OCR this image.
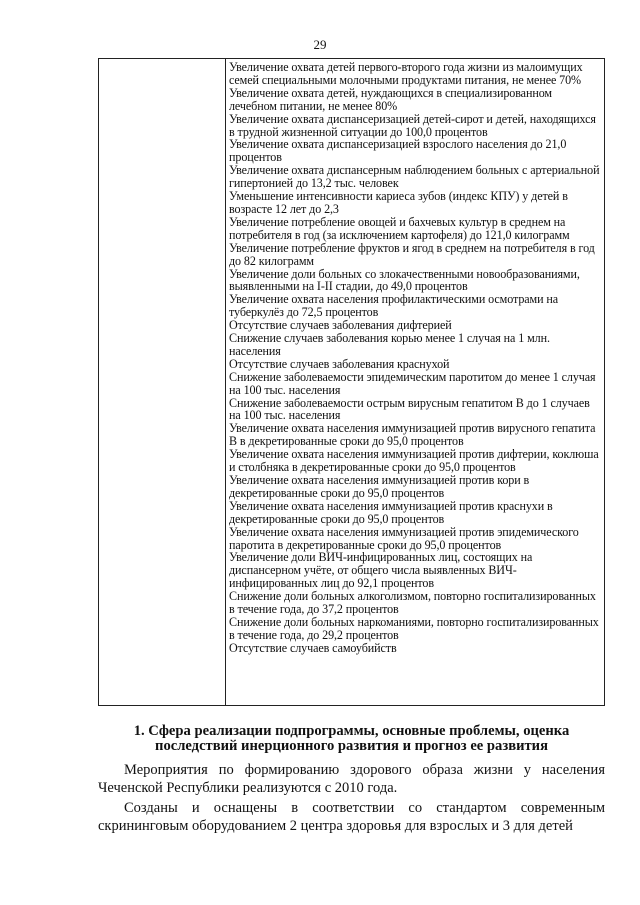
29

Увеличение охвата детей первого-второго года жизни из малоимущих семей специальными молочными продуктами питания, не менее 70%

Увеличение охвата детей, нуждающихся в специализированном лечебном питании, не менее 80%

Увеличение охвата диспансеризацией детей-сирот и детей, находящихся в трудной жизненной ситуации до 100,0 процентов

Увеличение охвата диспансеризацией взрослого населения до 21,0 процентов

Увеличение охвата диспансерным наблюдением больных с артериальной гипертонией до 13,2 тыс. человек

Уменьшение интенсивности кариеса зубов (индекс КПУ) у детей в возрасте 12 лет до 2,3

Увеличение потребление овощей и бахчевых культур в среднем на потребителя в год (за исключением картофеля) до 121,0 килограмм

Увеличение потребление фруктов и ягод в среднем на потребителя в год до 82 килограмм

Увеличение доли больных со злокачественными новообразованиями, выявленными на I-II стадии, до 49,0 процентов

Увеличение охвата населения профилактическими осмотрами на туберкулёз до 72,5 процентов

Отсутствие случаев заболевания дифтерией

Снижение случаев заболевания корью менее 1 случая на 1 млн. населения

Отсутствие случаев заболевания краснухой

Снижение заболеваемости эпидемическим паротитом до менее 1 случая на 100 тыс. населения

Снижение заболеваемости острым вирусным гепатитом В до 1 случаев на 100 тыс. населения

Увеличение охвата населения иммунизацией против вирусного гепатита В в декретированные сроки до 95,0 процентов

Увеличение охвата населения иммунизацией против дифтерии, коклюша и столбняка в декретированные сроки до 95,0 процентов

Увеличение охвата населения иммунизацией против кори в декретированные сроки до 95,0 процентов

Увеличение охвата населения иммунизацией против краснухи в декретированные сроки до 95,0 процентов

Увеличение охвата населения иммунизацией против эпидемического паротита в декретированные сроки до 95,0 процентов

Увеличение доли ВИЧ-инфицированных лиц, состоящих на диспансерном учёте, от общего числа выявленных ВИЧ-инфицированных лиц до 92,1 процентов

Снижение доли больных алкоголизмом, повторно госпитализированных в течение года, до 37,2 процентов

Снижение доли больных наркоманиями, повторно госпитализированных в течение года, до 29,2 процентов

Отсутствие случаев самоубийств

1. Сфера реализации подпрограммы, основные проблемы, оценка последствий инерционного развития и прогноз ее развития

Мероприятия по формированию здорового образа жизни у населения Чеченской Республики реализуются с 2010 года.

Созданы и оснащены в соответствии со стандартом современным скрининговым оборудованием 2 центра здоровья для взрослых и 3 для детей
